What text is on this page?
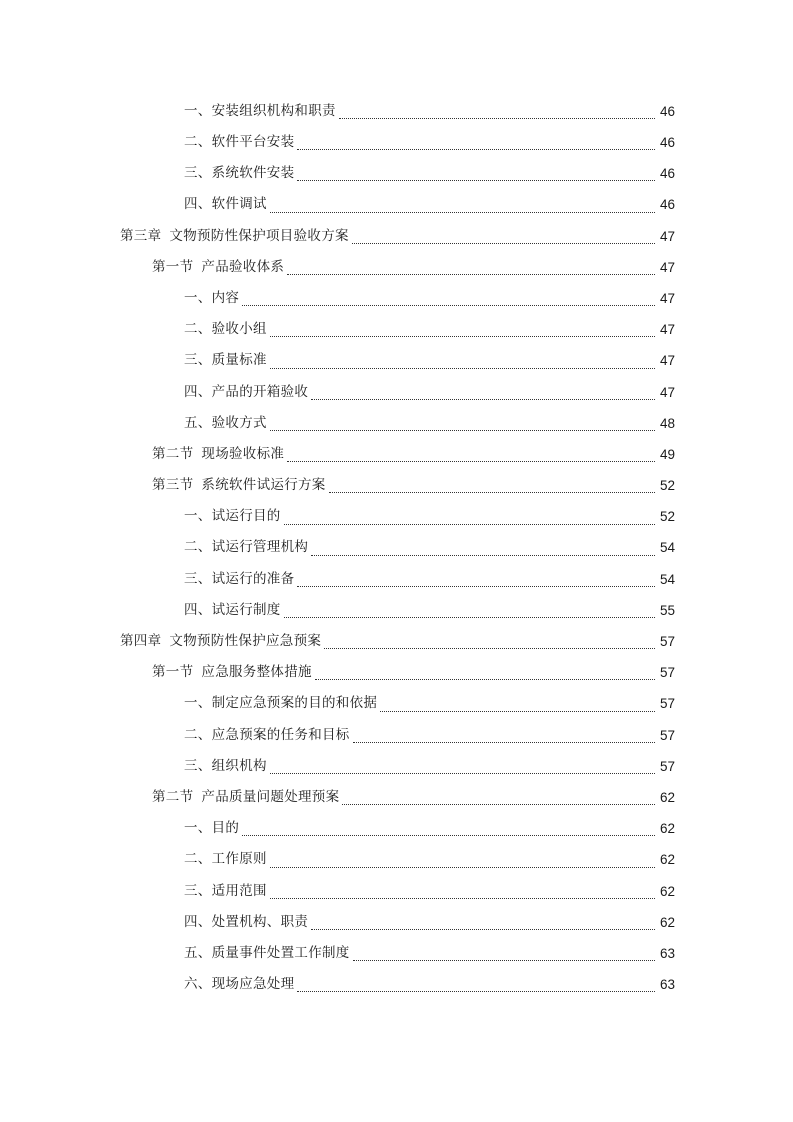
一、安装组织机构和职责	46
二、软件平台安装	46
三、系统软件安装	46
四、软件调试	46
第三章 文物预防性保护项目验收方案	47
第一节 产品验收体系	47
一、内容	47
二、验收小组	47
三、质量标准	47
四、产品的开箱验收	47
五、验收方式	48
第二节 现场验收标准	49
第三节 系统软件试运行方案	52
一、试运行目的	52
二、试运行管理机构	54
三、试运行的准备	54
四、试运行制度	55
第四章 文物预防性保护应急预案	57
第一节 应急服务整体措施	57
一、制定应急预案的目的和依据	57
二、应急预案的任务和目标	57
三、组织机构	57
第二节 产品质量问题处理预案	62
一、目的	62
二、工作原则	62
三、适用范围	62
四、处置机构、职责	62
五、质量事件处置工作制度	63
六、现场应急处理	63
